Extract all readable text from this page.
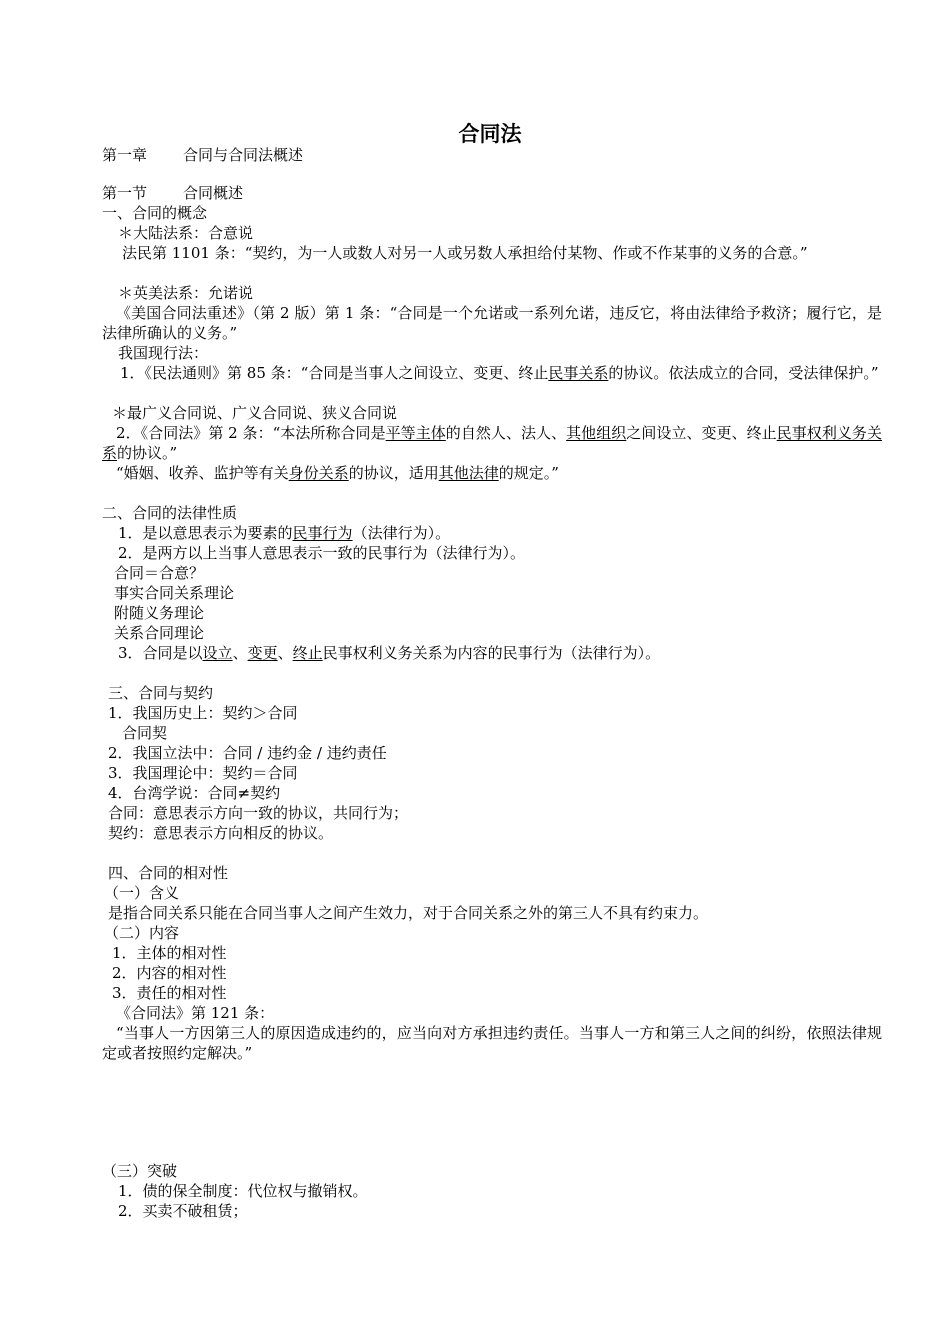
合同法
第一章 合同与合同法概述
第一节 合同概述
一、合同的概念
＊大陆法系：合意说
法民第 1101 条：“契约，为一人或数人对另一人或另数人承担给付某物、作或不作某事的义务的合意。”
＊英美法系：允诺说
《美国合同法重述》（第 2 版）第 1 条：“合同是一个允诺或一系列允诺，违反它，将由法律给予救济；履行它，是法律所确认的义务。”
我国现行法：
1．《民法通则》第 85 条：“合同是当事人之间设立、变更、终止民事关系的协议。依法成立的合同，受法律保护。”
＊最广义合同说、广义合同说、狭义合同说
2．《合同法》第 2 条：“本法所称合同是平等主体的自然人、法人、其他组织之间设立、变更、终止民事权利义务关系的协议。”
“婚姻、收养、监护等有关身份关系的协议，适用其他法律的规定。”
二、合同的法律性质
1．是以意思表示为要素的民事行为（法律行为）。
2．是两方以上当事人意思表示一致的民事行为（法律行为）。
合同＝合意？
事实合同关系理论
附随义务理论
关系合同理论
3．合同是以设立、变更、终止民事权利义务关系为内容的民事行为（法律行为）。
三、合同与契约
1．我国历史上：契约＞合同
合同契
2．我国立法中：合同 / 违约金 / 违约责任
3．我国理论中：契约＝合同
4．台湾学说：合同≠契约
合同：意思表示方向一致的协议，共同行为；
契约：意思表示方向相反的协议。
四、合同的相对性
（一）含义
是指合同关系只能在合同当事人之间产生效力，对于合同关系之外的第三人不具有约束力。
（二）内容
1．主体的相对性
2．内容的相对性
3．责任的相对性
《合同法》第 121 条：
“当事人一方因第三人的原因造成违约的，应当向对方承担违约责任。当事人一方和第三人之间的纠纷，依照法律规定或者按照约定解决。”
（三）突破
1．债的保全制度：代位权与撤销权。
2．买卖不破租赁；
